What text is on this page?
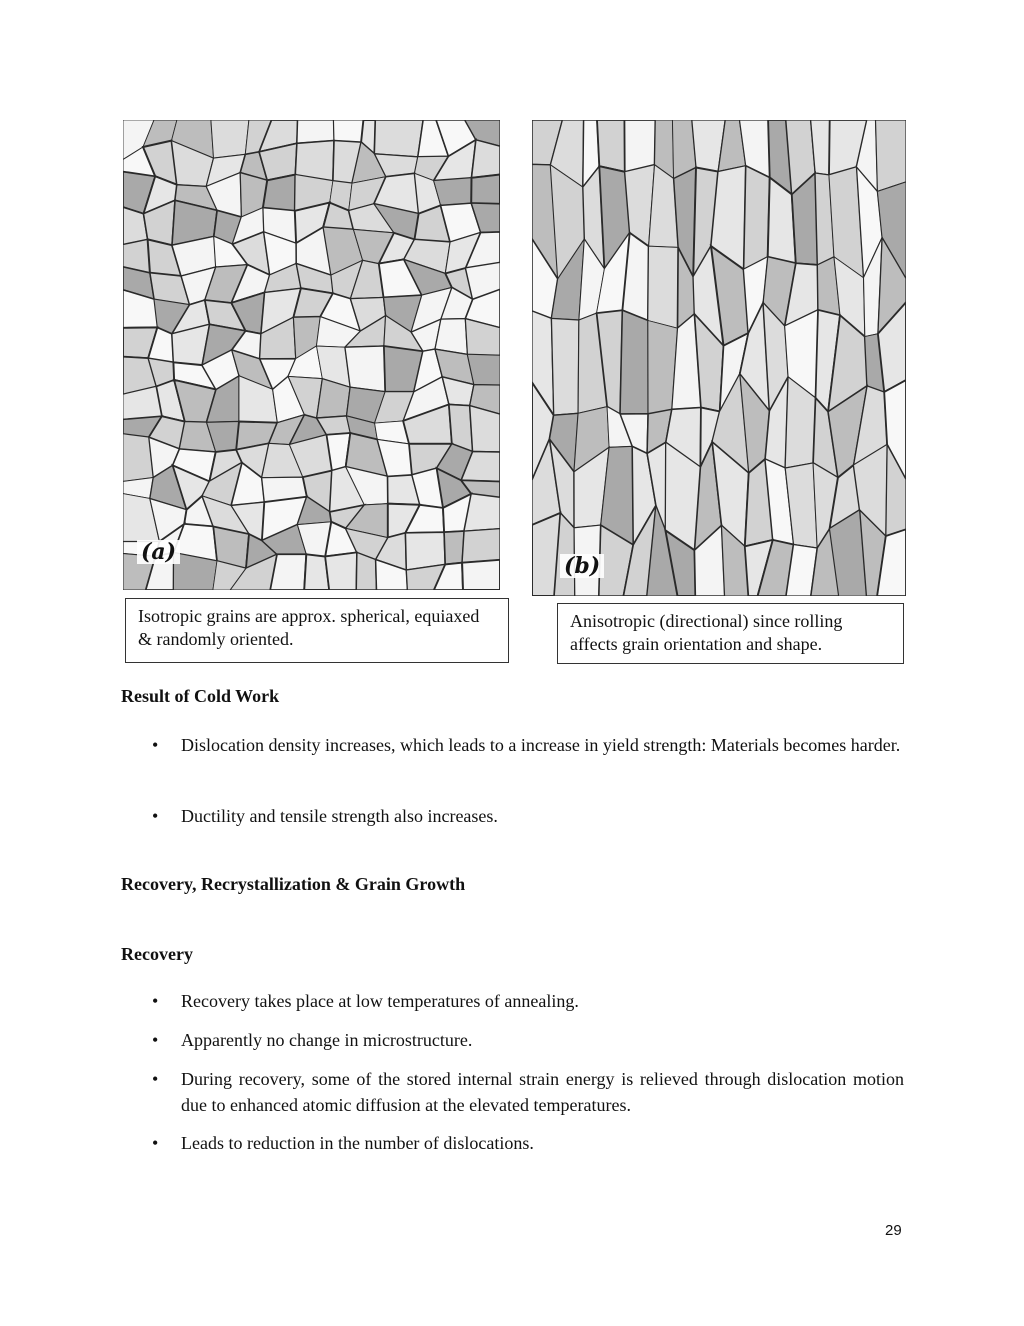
(a)
(b)
Isotropic grains are approx. spherical, equiaxed & randomly oriented.
Anisotropic (directional) since rolling affects grain orientation and shape.
Result of Cold Work
• Dislocation density increases, which leads to a increase in yield strength: Materials becomes harder.
• Ductility and tensile strength also increases.
Recovery, Recrystallization & Grain Growth
Recovery
• Recovery takes place at low temperatures of annealing.
• Apparently no change in microstructure.
• During recovery, some of the stored internal strain energy is relieved through dislocation motion due to enhanced atomic diffusion at the elevated temperatures.
• Leads to reduction in the number of dislocations.
29
